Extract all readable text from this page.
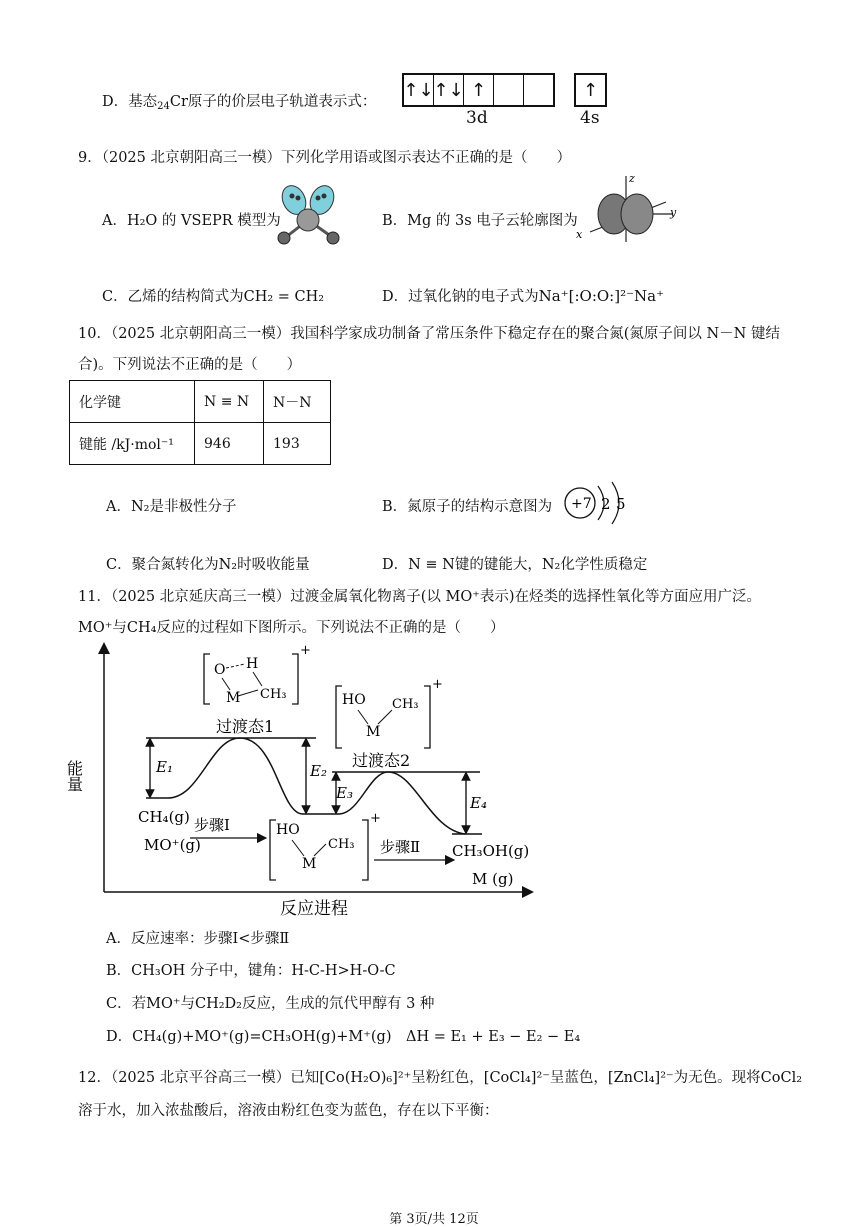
D．基态$_{24}$Cr原子的价层电子轨道表示式：
↑↓ ↑↓ ↑	↑
3d	4s
9．（2025 北京朝阳高三一模）下列化学用语或图示表达不正确的是（　　）
A．H₂O 的 VSEPR 模型为	B．Mg 的 3s 电子云轮廓图为
z
y
x
C．乙烯的结构简式为CH₂ = CH₂	D．过氧化钠的电子式为Na⁺[:O:O:]²⁻Na⁺
10．（2025 北京朝阳高三一模）我国科学家成功制备了常压条件下稳定存在的聚合氮(氮原子间以 N－N 键结
合)。下列说法不正确的是（　　）
化学键	N ≡ N	N－N
键能 /kJ·mol⁻¹	946	193
A．N₂是非极性分子	B．氮原子的结构示意图为 +7 2 5
C．聚合氮转化为N₂时吸收能量	D．N ≡ N键的键能大，N₂化学性质稳定
11．（2025 北京延庆高三一模）过渡金属氧化物离子(以 MO⁺表示)在烃类的选择性氧化等方面应用广泛。
MO⁺与CH₄反应的过程如下图所示。下列说法不正确的是（　　）
能量
反应进程
E₁	E₂
E₃
E₄
过渡态1
过渡态2
O H
M CH₃
+
HO CH₃
M
+
HO
CH₃
M
+
CH₄(g)
MO⁺(g)
步骤Ⅰ
步骤Ⅱ CH₃OH(g)
M (g)
A．反应速率：步骤Ⅰ<步骤Ⅱ
B．CH₃OH 分子中，键角：H-C-H>H-O-C
C．若MO⁺与CH₂D₂反应，生成的氘代甲醇有 3 种
D．CH₄(g)+MO⁺(g)=CH₃OH(g)+M⁺(g)　ΔH = E₁ + E₃ − E₂ − E₄
12．（2025 北京平谷高三一模）已知[Co(H₂O)₆]²⁺呈粉红色，[CoCl₄]²⁻呈蓝色，[ZnCl₄]²⁻为无色。现将CoCl₂
溶于水，加入浓盐酸后，溶液由粉红色变为蓝色，存在以下平衡：
第 3页/共 12页
